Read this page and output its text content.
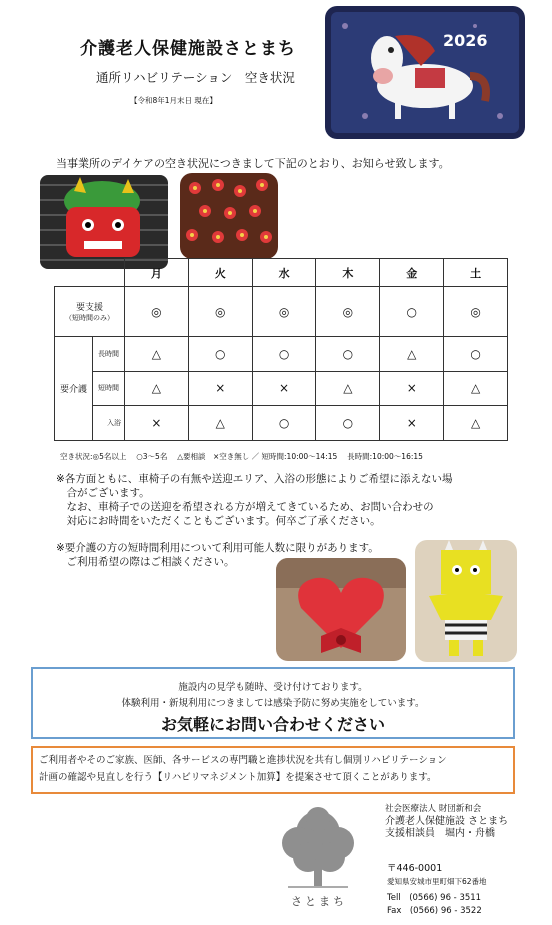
介護老人保健施設さとまち
通所リハビリテーション　空き状況
【令和8年1月末日 現在】
2026
当事業所のデイケアの空き状況につきまして下記のとおり、お知らせ致します。
		月	火	水	木	金	土

要支援
（短時間のみ）		◎	◎	◎	◎	○	◎
要介護	長時間	△	○	○	○	△	○
	短時間	△	×	×	△	×	△
	入浴	×	△	○	○	×	△
空き状況:◎5名以上　 ○3～5名　 △要相談　×空き無し ／ 短時間:10:00～14:15　 長時間:10:00～16:15

※各方面ともに、車椅子の有無や送迎エリア、入浴の形態によりご希望に添えない場

　合がございます。

　なお、車椅子での送迎を希望される方が増えてきているため、お問い合わせの

　対応にお時間をいただくこともございます。何卒ご了承ください。

※要介護の方の短時間利用について利用可能人数に限りがあります。

　ご利用希望の際はご相談ください。

施設内の見学も随時、受け付けております。
体験利用・新規利用につきましては感染予防に努め実施をしています。
お気軽にお問い合わせください
ご利用者やそのご家族、医師、各サービスの専門職と進捗状況を共有し個別リハビリテーション
計画の確認や見直しを行う【リハビリマネジメント加算】を提案させて頂くことがあります。
さとまち
社会医療法人 財団新和会
介護老人保健施設 さとまち
支援相談員　堀内・舟橋
〒446-0001
愛知県安城市里町畑下62番地
Tell　(0566) 96 - 3511
Fax　(0566) 96 - 3522
